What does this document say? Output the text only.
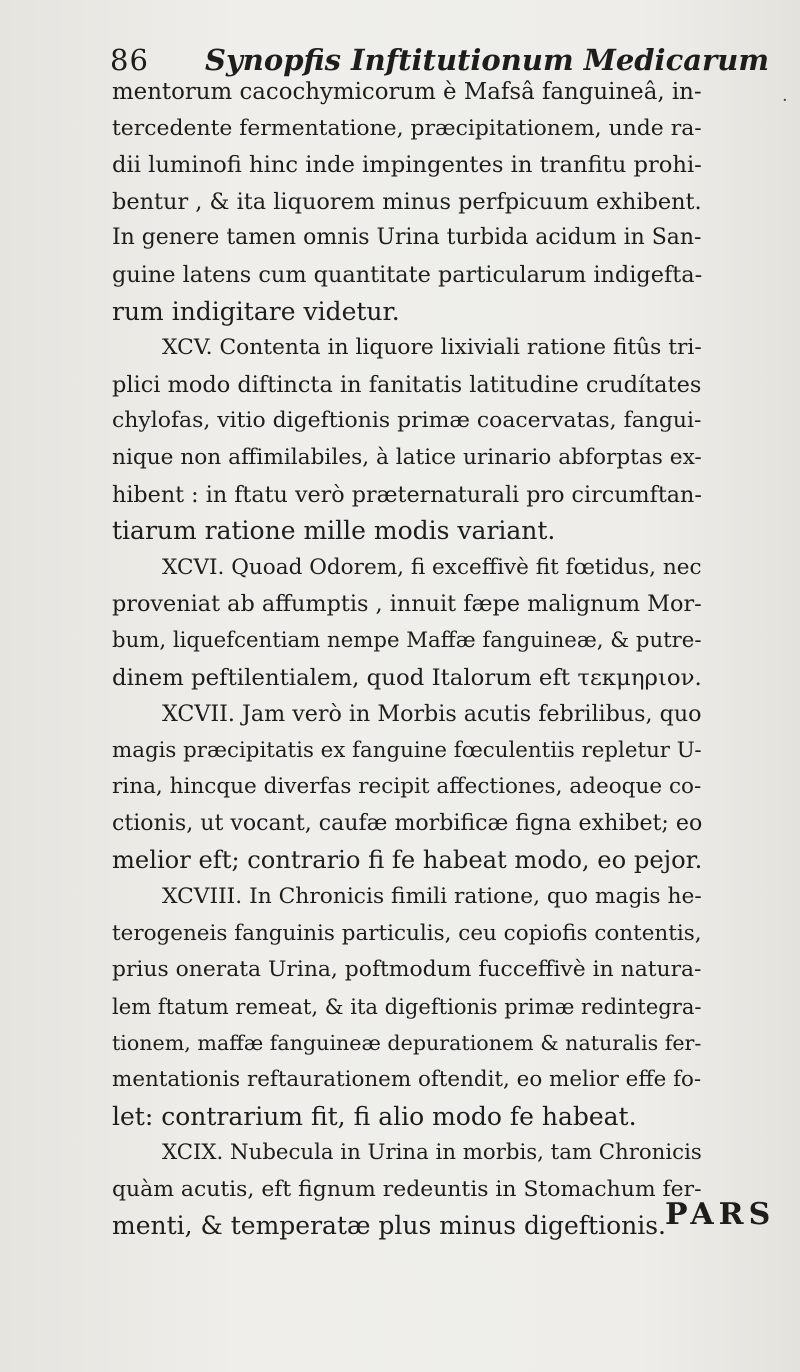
86 Synopfis Inftitutionum Medicarum
·
mentorum cacochymicorum è Mafsâ fanguineâ, in-
tercedente fermentatione, præcipitationem, unde ra-
dii luminofi hinc inde impingentes in tranfitu prohi-
bentur , & ita liquorem minus perfpicuum exhibent.
In genere tamen omnis Urina turbida acidum in San-
guine latens cum quantitate particularum indigefta-
rum indigitare videtur.
XCV. Contenta in liquore lixiviali ratione fitûs tri-
plici modo diftincta in fanitatis latitudine crudítates
chylofas, vitio digeftionis primæ coacervatas, fangui-
nique non affimilabiles, à latice urinario abforptas ex-
hibent : in ftatu verò præternaturali pro circumftan-
tiarum ratione mille modis variant.
XCVI. Quoad Odorem, fi exceffivè fit fœtidus, nec
proveniat ab affumptis , innuit fæpe malignum Mor-
bum, liquefcentiam nempe Maffæ fanguineæ, & putre-
dinem peftilentialem, quod Italorum eft τεκμηριον.
XCVII. Jam verò in Morbis acutis febrilibus, quo
magis præcipitatis ex fanguine fœculentiis repletur U-
rina, hincque diverfas recipit affectiones, adeoque co-
ctionis, ut vocant, caufæ morbificæ figna exhibet; eo
melior eft; contrario fi fe habeat modo, eo pejor.
XCVIII. In Chronicis fimili ratione, quo magis he-
terogeneis fanguinis particulis, ceu copiofis contentis,
prius onerata Urina, poftmodum fucceffivè in natura-
lem ftatum remeat, & ita digeftionis primæ redintegra-
tionem, maffæ fanguineæ depurationem & naturalis fer-
mentationis reftaurationem oftendit, eo melior effe fo-
let: contrarium fit, fi alio modo fe habeat.
XCIX. Nubecula in Urina in morbis, tam Chronicis
quàm acutis, eft fignum redeuntis in Stomachum fer-
menti, & temperatæ plus minus digeftionis.
PARS
